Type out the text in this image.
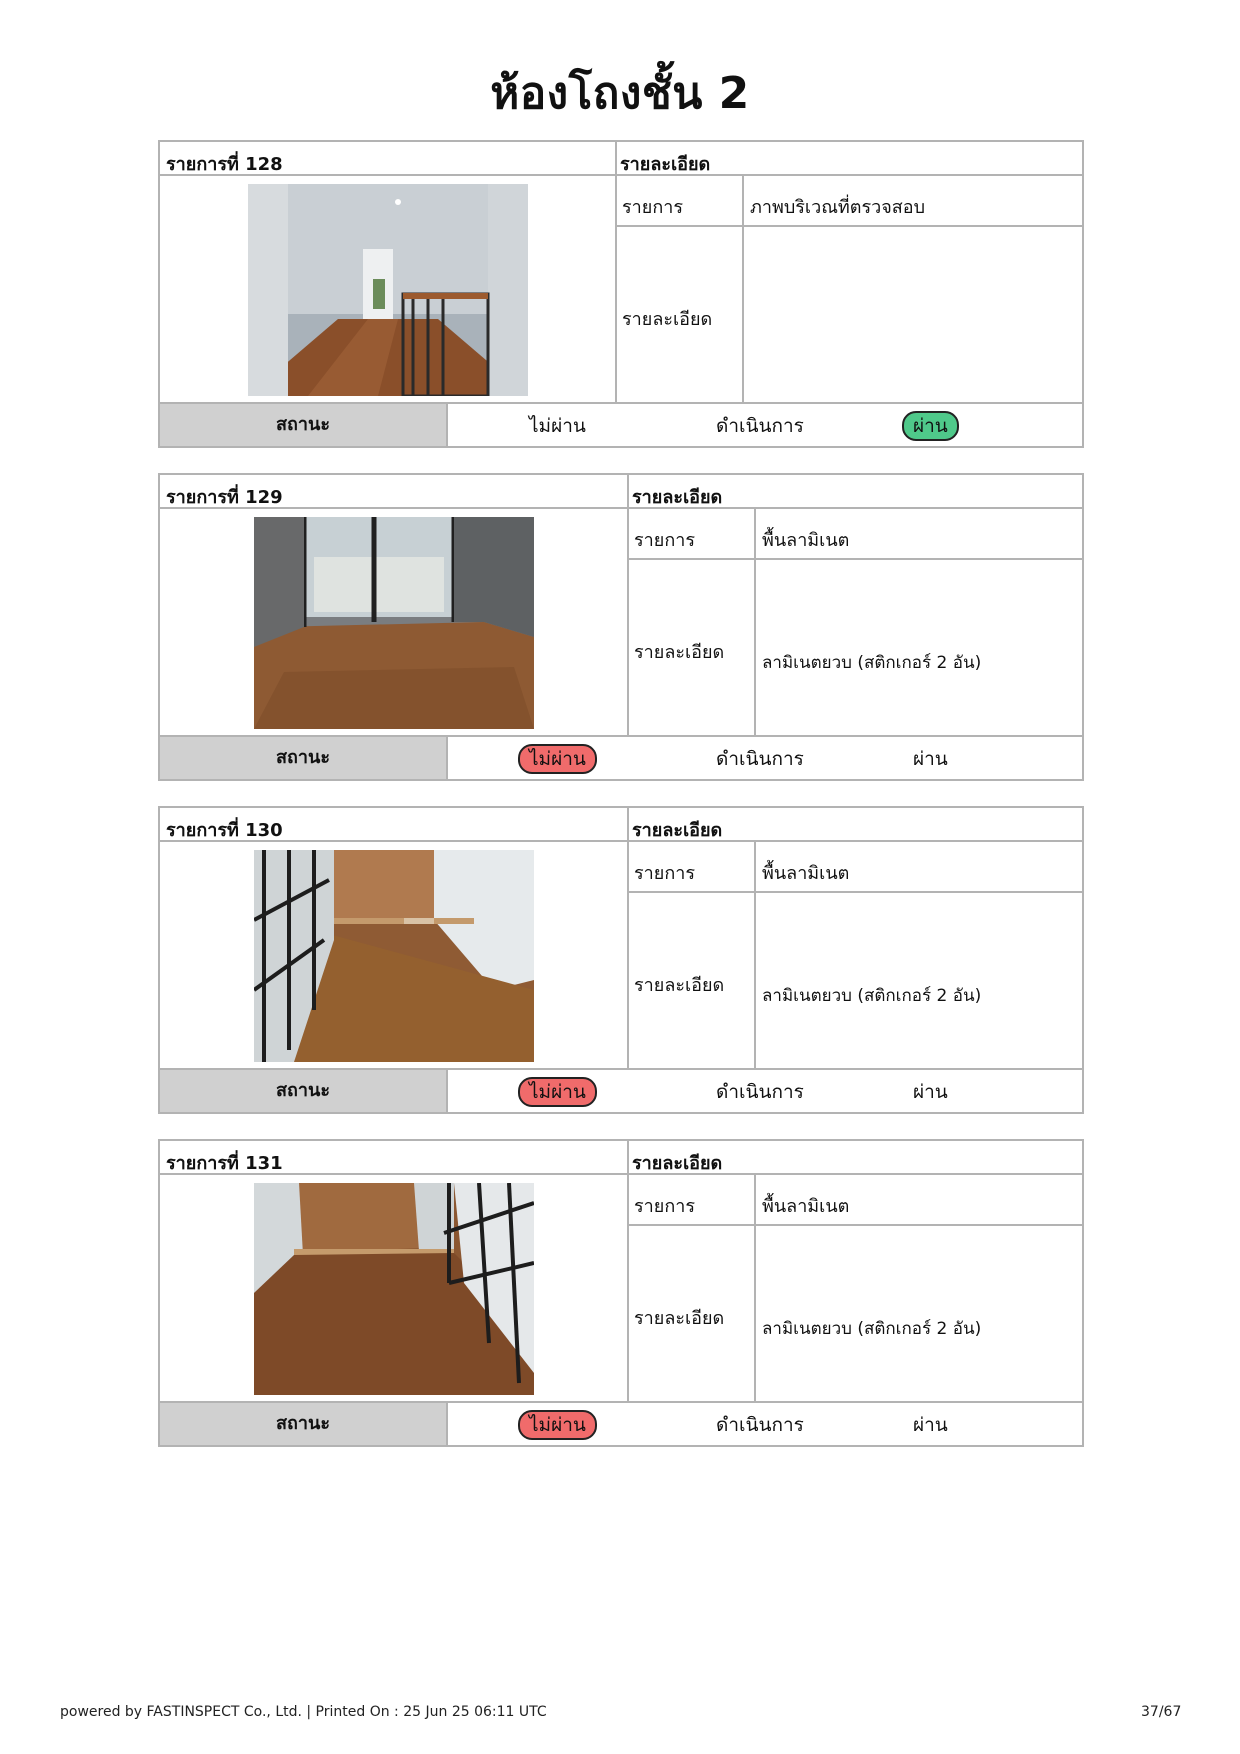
ห้องโถงชั้น 2
รายการที่ 128	รายละเอียด
รายการ	ภาพบริเวณที่ตรวจสอบ
รายละเอียด
สถานะ	ไม่ผ่าน	ดำเนินการ	ผ่าน
รายการที่ 129	รายละเอียด
รายการ	พื้นลามิเนต
รายละเอียด ลามิเนตยวบ (สติกเกอร์ 2 อัน)
สถานะ	ไม่ผ่าน	ดำเนินการ	ผ่าน
รายการที่ 130	รายละเอียด
รายการ	พื้นลามิเนต
รายละเอียด ลามิเนตยวบ (สติกเกอร์ 2 อัน)
สถานะ	ไม่ผ่าน	ดำเนินการ	ผ่าน
รายการที่ 131	รายละเอียด
รายการ	พื้นลามิเนต
รายละเอียด ลามิเนตยวบ (สติกเกอร์ 2 อัน)
สถานะ	ไม่ผ่าน	ดำเนินการ	ผ่าน
powered by FASTINSPECT Co., Ltd. | Printed On : 25 Jun 25 06:11 UTC	37/67
